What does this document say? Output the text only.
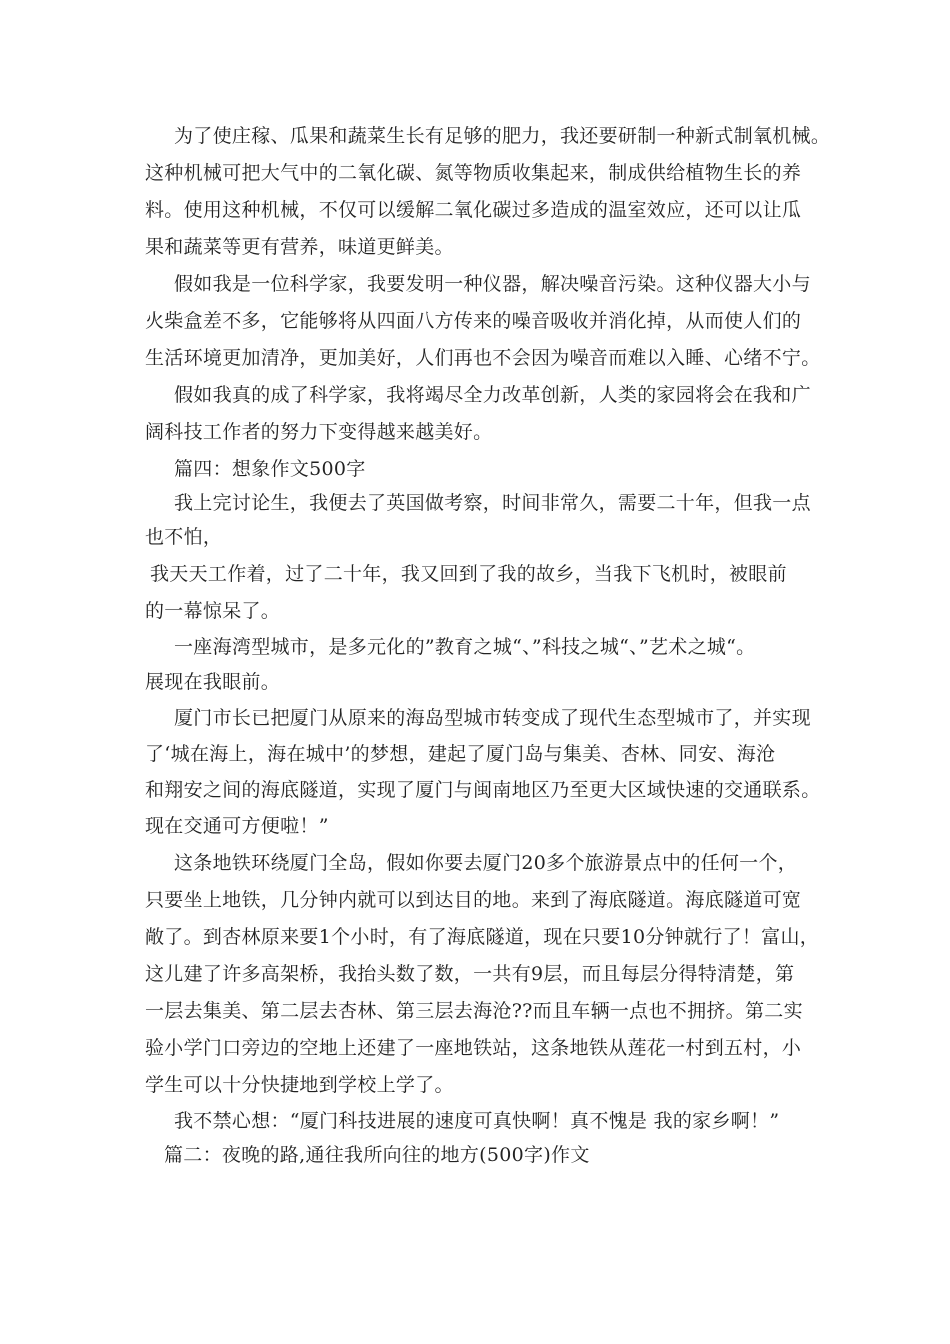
为了使庄稼、瓜果和蔬菜生长有足够的肥力，我还要研制一种新式制氧机械。
这种机械可把大气中的二氧化碳、氮等物质收集起来，制成供给植物生长的养
料。使用这种机械，不仅可以缓解二氧化碳过多造成的温室效应，还可以让瓜
果和蔬菜等更有营养，味道更鲜美。
假如我是一位科学家，我要发明一种仪器，解决噪音污染。这种仪器大小与
火柴盒差不多，它能够将从四面八方传来的噪音吸收并消化掉，从而使人们的
生活环境更加清净，更加美好，人们再也不会因为噪音而难以入睡、心绪不宁。
假如我真的成了科学家，我将竭尽全力改革创新，人类的家园将会在我和广
阔科技工作者的努力下变得越来越美好。
篇四：想象作文500字
我上完讨论生，我便去了英国做考察，时间非常久，需要二十年，但我一点
也不怕，
我天天工作着，过了二十年，我又回到了我的故乡，当我下飞机时，被眼前
的一幕惊呆了。
一座海湾型城市，是多元化的”教育之城“、”科技之城“、”艺术之城“。
展现在我眼前。
厦门市长已把厦门从原来的海岛型城市转变成了现代生态型城市了，并实现
了‘城在海上，海在城中’的梦想，建起了厦门岛与集美、杏林、同安、海沧
和翔安之间的海底隧道，实现了厦门与闽南地区乃至更大区域快速的交通联系。
现在交通可方便啦！”
这条地铁环绕厦门全岛，假如你要去厦门20多个旅游景点中的任何一个，
只要坐上地铁，几分钟内就可以到达目的地。来到了海底隧道。海底隧道可宽
敞了。到杏林原来要1个小时，有了海底隧道，现在只要10分钟就行了！富山，
这儿建了许多高架桥，我抬头数了数，一共有9层，而且每层分得特清楚，第
一层去集美、第二层去杏林、第三层去海沧??而且车辆一点也不拥挤。第二实
验小学门口旁边的空地上还建了一座地铁站，这条地铁从莲花一村到五村，小
学生可以十分快捷地到学校上学了。
我不禁心想：“厦门科技进展的速度可真快啊！真不愧是 我的家乡啊！”
篇二：夜晚的路,通往我所向往的地方(500字)作文
